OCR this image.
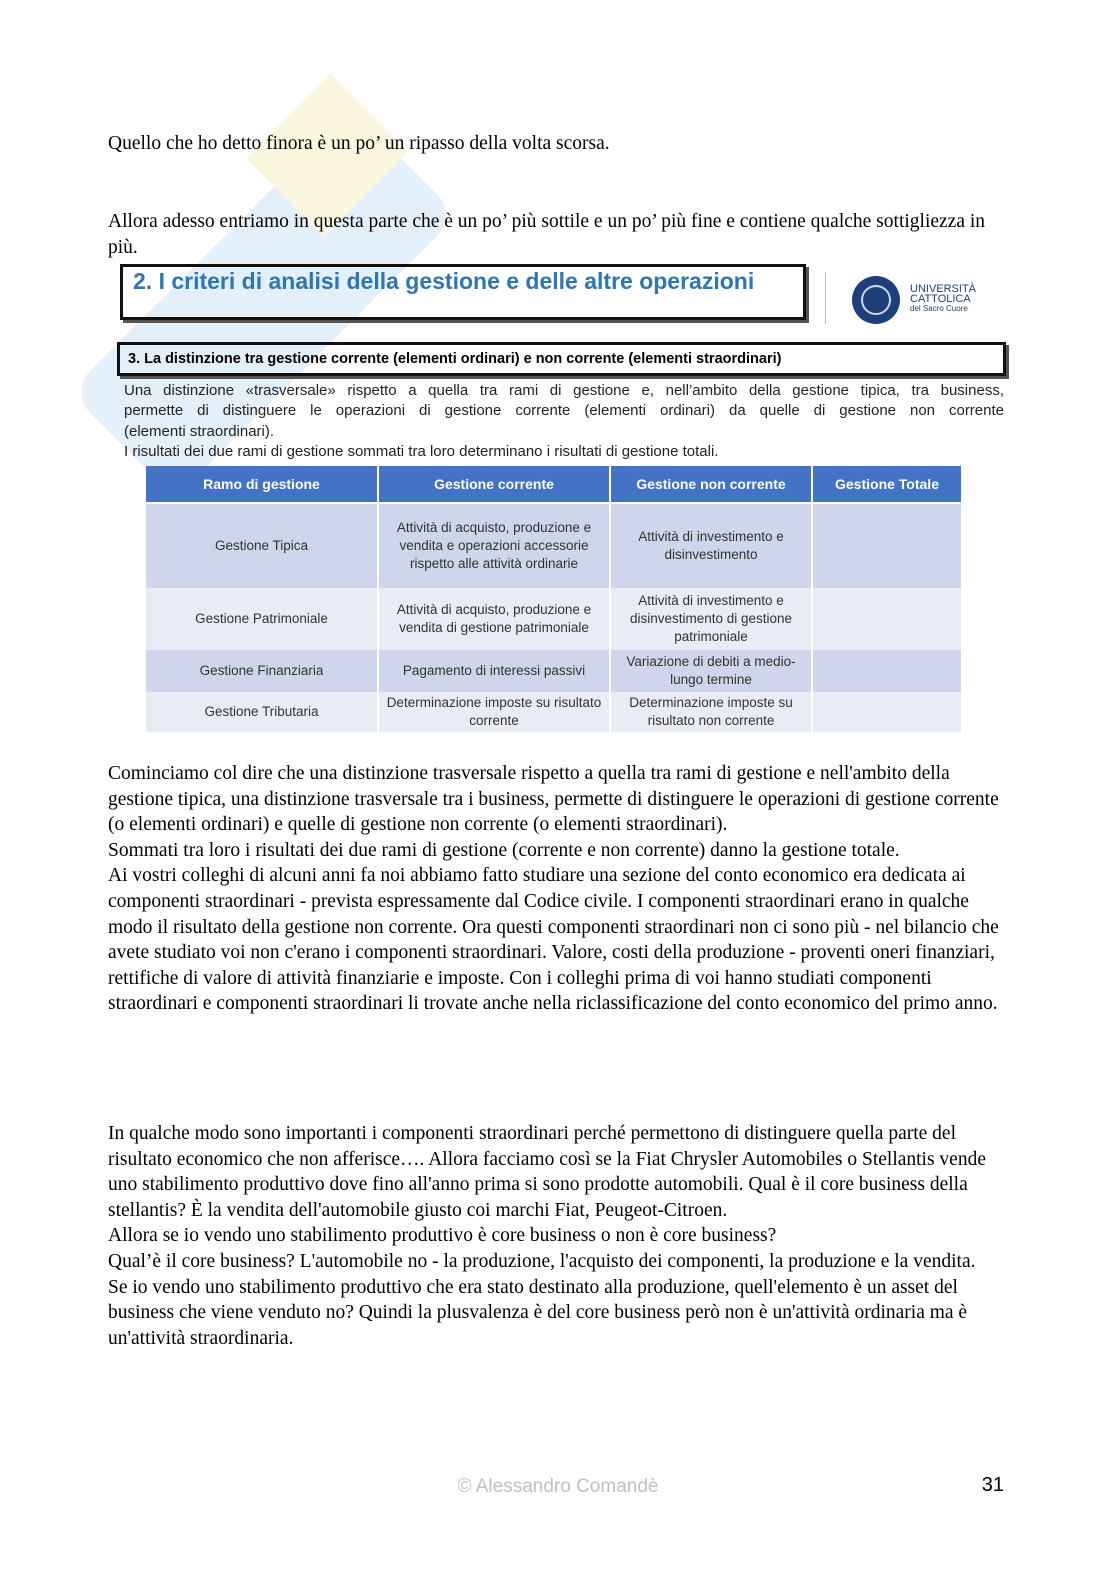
Quello che ho detto finora è un po’ un ripasso della volta scorsa.

Allora adesso entriamo in questa parte che è un po’ più sottile e un po’ più fine e contiene qualche sottigliezza in più.

2. I criteri di analisi della gestione e delle altre operazioni	UNIVERSITÀ
CATTOLICA
del Sacro Cuore
3. La distinzione tra gestione corrente (elementi ordinari) e non corrente (elementi straordinari)
Una distinzione «trasversale» rispetto a quella tra rami di gestione e, nell’ambito della gestione tipica, tra business,
permette di distinguere le operazioni di gestione corrente (elementi ordinari) da quelle di gestione non corrente
(elementi straordinari).
I risultati dei due rami di gestione sommati tra loro determinano i risultati di gestione totali.
Ramo di gestione	Gestione corrente	Gestione non corrente	Gestione Totale
Gestione Tipica	Attività di acquisto, produzione e vendita e operazioni accessorie rispetto alle attività ordinarie	Attività di investimento e disinvestimento	
Gestione Patrimoniale	Attività di acquisto, produzione e vendita di gestione patrimoniale	Attività di investimento e disinvestimento di gestione patrimoniale	
Gestione Finanziaria	Pagamento di interessi passivi	Variazione di debiti a medio-lungo termine	
Gestione Tributaria	Determinazione imposte su risultato corrente	Determinazione imposte su risultato non corrente	

Cominciamo col dire che una distinzione trasversale rispetto a quella tra rami di gestione e nell'ambito della gestione tipica, una distinzione trasversale tra i business, permette di distinguere le operazioni di gestione corrente (o elementi ordinari) e quelle di gestione non corrente (o elementi straordinari).

Sommati tra loro i risultati dei due rami di gestione (corrente e non corrente) danno la gestione totale.

Ai vostri colleghi di alcuni anni fa noi abbiamo fatto studiare una sezione del conto economico era dedicata ai componenti straordinari - prevista espressamente dal Codice civile. I componenti straordinari erano in qualche modo il risultato della gestione non corrente. Ora questi componenti straordinari non ci sono più - nel bilancio che avete studiato voi non c'erano i componenti straordinari. Valore, costi della produzione - proventi oneri finanziari, rettifiche di valore di attività finanziarie e imposte. Con i colleghi prima di voi hanno studiati componenti straordinari e componenti straordinari li trovate anche nella riclassificazione del conto economico del primo anno.

In qualche modo sono importanti i componenti straordinari perché permettono di distinguere quella parte del risultato economico che non afferisce…. Allora facciamo così se la Fiat Chrysler Automobiles o Stellantis vende uno stabilimento produttivo dove fino all'anno prima si sono prodotte automobili. Qual è il core business della stellantis? È la vendita dell'automobile giusto coi marchi Fiat, Peugeot-Citroen.

Allora se io vendo uno stabilimento produttivo è core business o non è core business?

Qual’è il core business? L'automobile no - la produzione, l'acquisto dei componenti, la produzione e la vendita.

Se io vendo uno stabilimento produttivo che era stato destinato alla produzione, quell'elemento è un asset del business che viene venduto no? Quindi la plusvalenza è del core business però non è un'attività ordinaria ma è un'attività straordinaria.

© Alessandro Comandè	31
